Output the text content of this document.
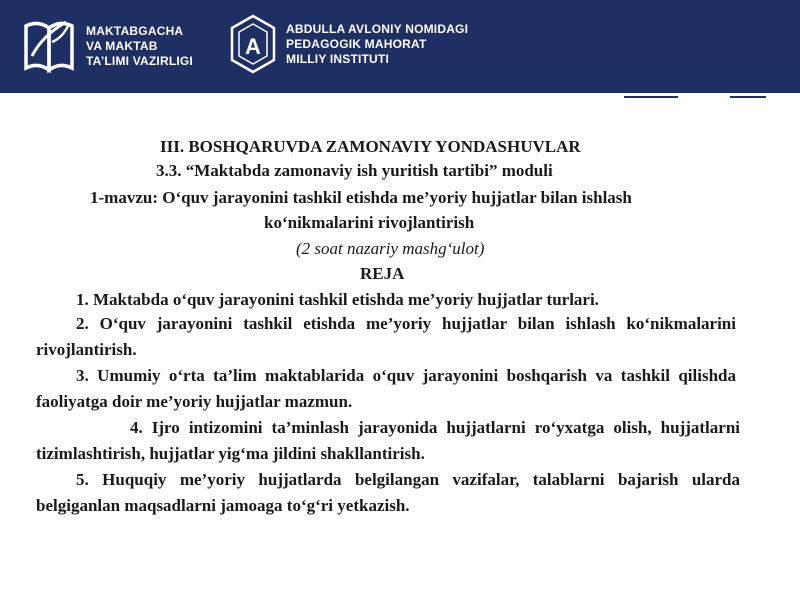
MAKTABGACHA
VA MAKTAB
TA’LIMI VAZIRLIGI
A
ABDULLA AVLONIY NOMIDAGI
PEDAGOGIK MAHORAT
MILLIY INSTITUTI
III. BOSHQARUVDA ZAMONAVIY YONDASHUVLAR
3.3. “Maktabda zamonaviy ish yuritish tartibi” moduli
1-mavzu: O‘quv jarayonini tashkil etishda me’yoriy hujjatlar bilan ishlash
ko‘nikmalarini rivojlantirish
(2 soat nazariy mashg‘ulot)
REJA
1. Maktabda o‘quv jarayonini tashkil etishda me’yoriy hujjatlar turlari.
2. O‘quv jarayonini tashkil etishda me’yoriy hujjatlar bilan ishlash ko‘nikmalarini rivojlantirish.
3. Umumiy o‘rta ta’lim maktablarida o‘quv jarayonini boshqarish va tashkil qilishda faoliyatga doir me’yoriy hujjatlar mazmun.
4. Ijro intizomini ta’minlash jarayonida hujjatlarni ro‘yxatga olish, hujjatlarni tizimlashtirish, hujjatlar yig‘ma jildini shakllantirish.
5. Huquqiy me’yoriy hujjatlarda belgilangan vazifalar, talablarni bajarish ularda belgiganlan maqsadlarni jamoaga to‘g‘ri yetkazish.
